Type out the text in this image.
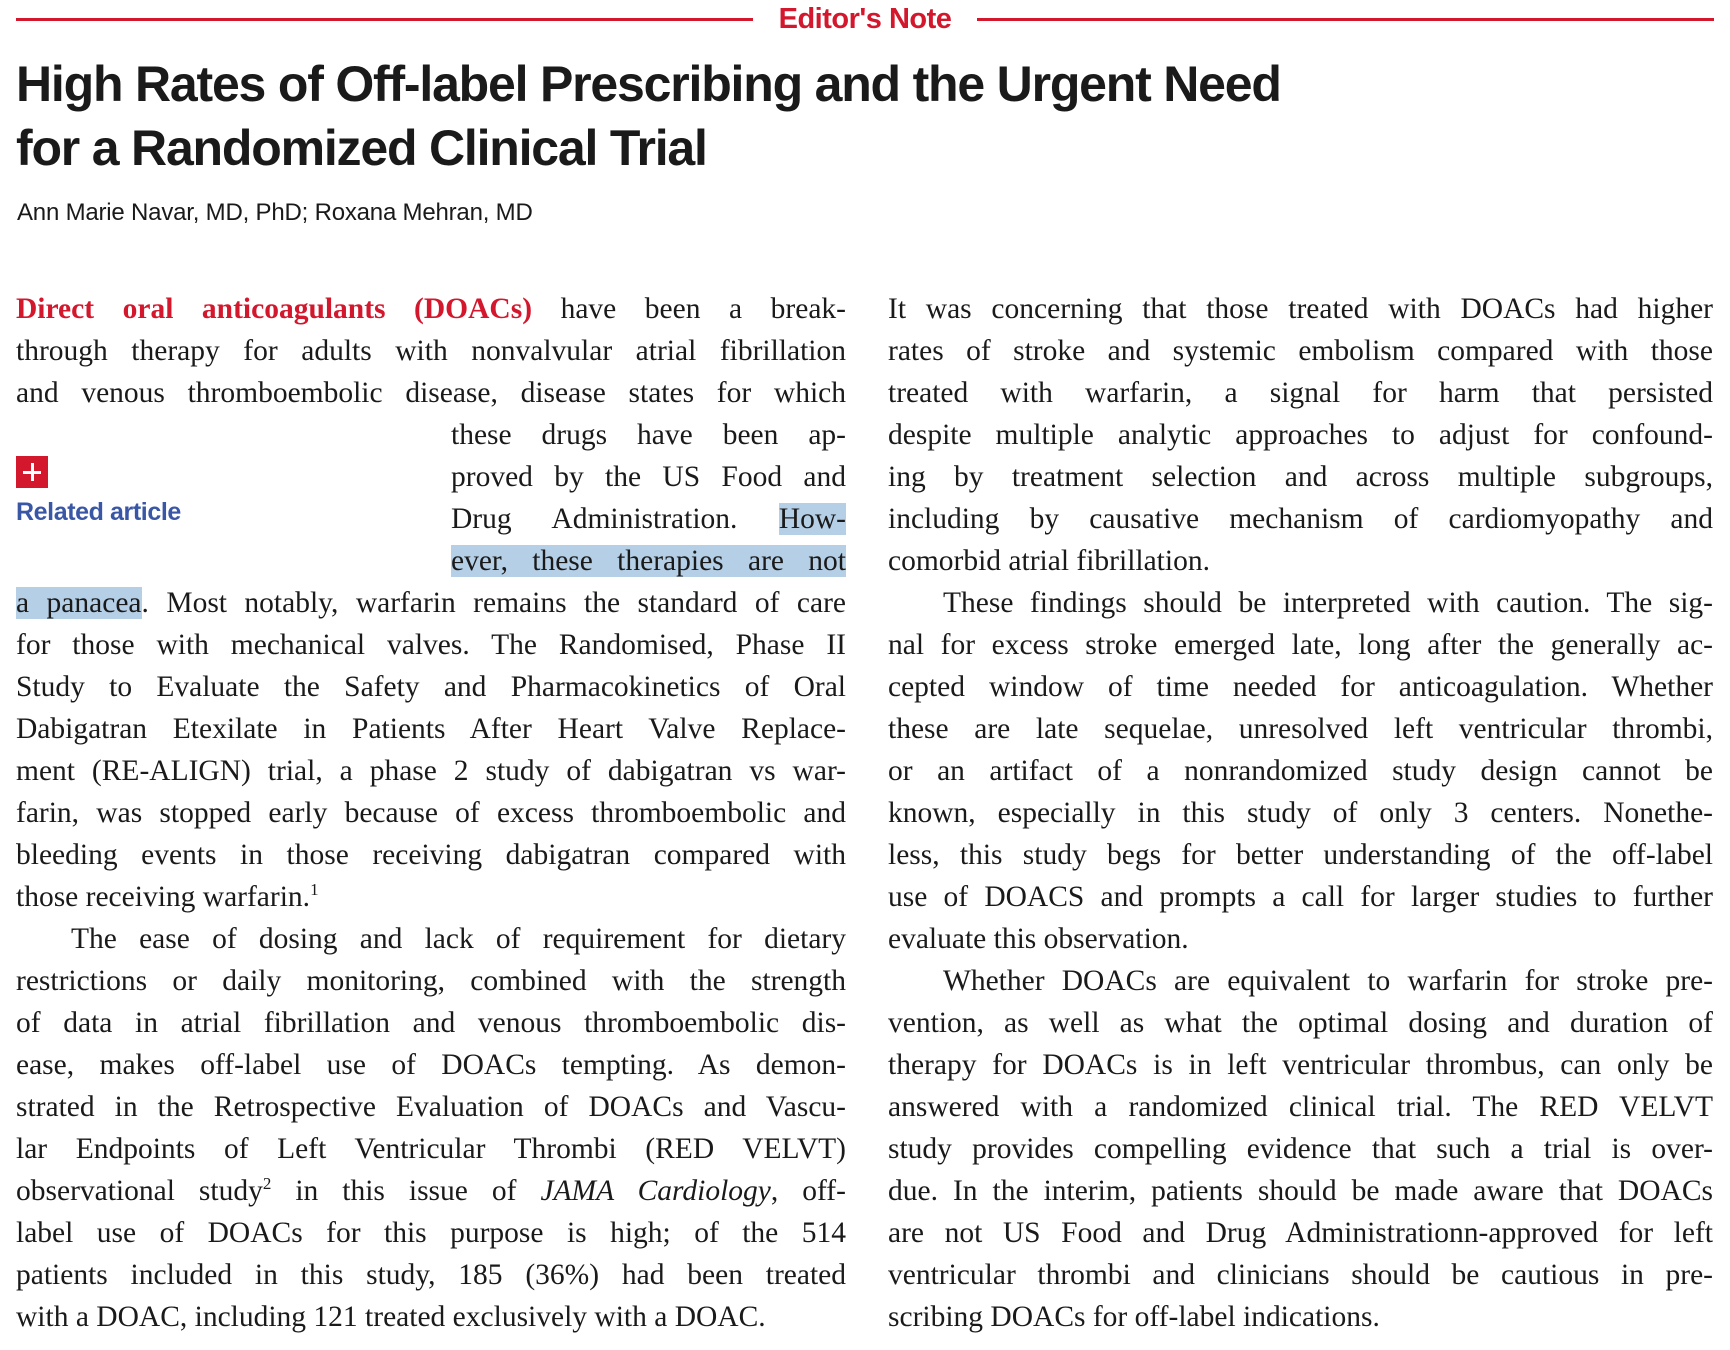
Editor's Note
High Rates of Off-label Prescribing and the Urgent Need
for a Randomized Clinical Trial
Ann Marie Navar, MD, PhD; Roxana Mehran, MD
Related article
Direct oral anticoagulants (DOACs) have been a break-
through therapy for adults with nonvalvular atrial fibrillation
and venous thromboembolic disease, disease states for which
these drugs have been ap-
proved by the US Food and
Drug Administration. How-
ever, these therapies are not
a panacea. Most notably, warfarin remains the standard of care
for those with mechanical valves. The Randomised, Phase II
Study to Evaluate the Safety and Pharmacokinetics of Oral
Dabigatran Etexilate in Patients After Heart Valve Replace-
ment (RE-ALIGN) trial, a phase 2 study of dabigatran vs war-
farin, was stopped early because of excess thromboembolic and
bleeding events in those receiving dabigatran compared with
those receiving warfarin.$^1$
The ease of dosing and lack of requirement for dietary
restrictions or daily monitoring, combined with the strength
of data in atrial fibrillation and venous thromboembolic dis-
ease, makes off-label use of DOACs tempting. As demon-
strated in the Retrospective Evaluation of DOACs and Vascu-
lar Endpoints of Left Ventricular Thrombi (RED VELVT)
observational study$^2$ in this issue of JAMA Cardiology, off-
label use of DOACs for this purpose is high; of the 514
patients included in this study, 185 (36%) had been treated
with a DOAC, including 121 treated exclusively with a DOAC.
It was concerning that those treated with DOACs had higher
rates of stroke and systemic embolism compared with those
treated with warfarin, a signal for harm that persisted
despite multiple analytic approaches to adjust for confound-
ing by treatment selection and across multiple subgroups,
including by causative mechanism of cardiomyopathy and
comorbid atrial fibrillation.
These findings should be interpreted with caution. The sig-
nal for excess stroke emerged late, long after the generally ac-
cepted window of time needed for anticoagulation. Whether
these are late sequelae, unresolved left ventricular thrombi,
or an artifact of a nonrandomized study design cannot be
known, especially in this study of only 3 centers. Nonethe-
less, this study begs for better understanding of the off-label
use of DOACS and prompts a call for larger studies to further
evaluate this observation.
Whether DOACs are equivalent to warfarin for stroke pre-
vention, as well as what the optimal dosing and duration of
therapy for DOACs is in left ventricular thrombus, can only be
answered with a randomized clinical trial. The RED VELVT
study provides compelling evidence that such a trial is over-
due. In the interim, patients should be made aware that DOACs
are not US Food and Drug Administrationn-approved for left
ventricular thrombi and clinicians should be cautious in pre-
scribing DOACs for off-label indications.
